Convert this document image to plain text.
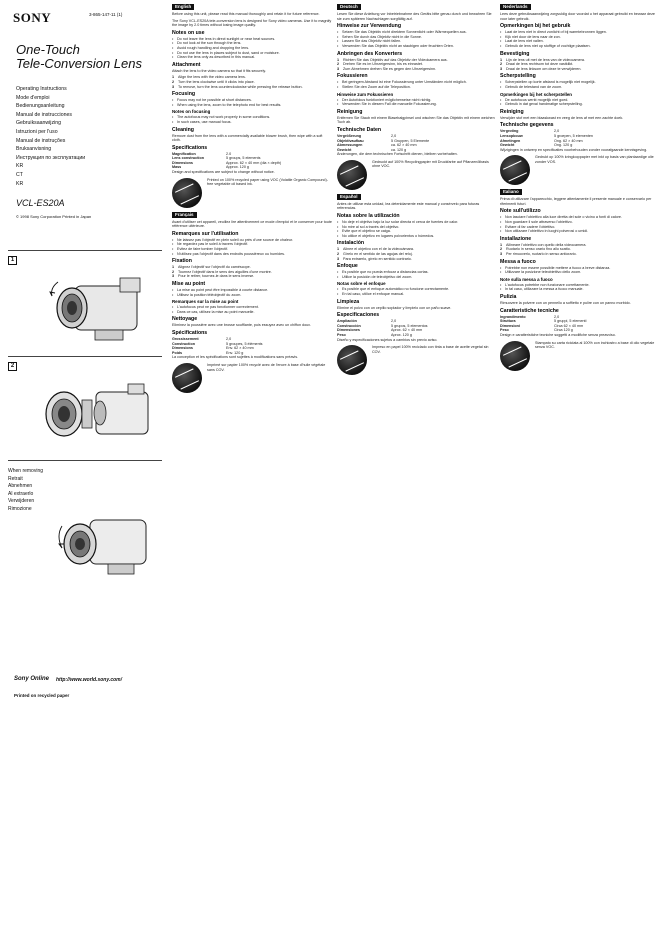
SONY	3-865-147-11 (1)
One-Touch
Tele-Conversion Lens
Operating Instructions
Mode d'emploi
Bedienungsanleitung
Manual de instrucciones
Gebruiksaanwijzing
Istruzioni per l'uso
Manual de instruções
Bruksanvisning
Инструкция по эксплуатации
KR
CT
KR
VCL-ES20A
© 1998 Sony Corporation Printed in Japan
1
2
When removing
Retrait
Abnehmen
Al extraerlo
Verwijderen
Rimozione
Sony Online http://www.world.sony.com/
Printed on recycled paper
English
Before using this unit, please read this manual thoroughly and retain it for future reference.
The Sony VCL-ES20A tele-conversion lens is designed for Sony video cameras. Use it to magnify the image by 2.0 times without losing image quality.
Notes on use
• Do not leave the lens in direct sunlight or near heat sources.
• Do not look at the sun through the lens.
• Avoid rough handling and dropping the lens.
• Do not use the lens in places subject to dust, sand or moisture.
• Clean the lens only as described in this manual.
Attachment
Attach the lens to the video camera so that it fits securely.
1 Align the lens with the video camera lens.
2 Turn the lens clockwise until it clicks into place.
3 To remove, turn the lens counterclockwise while pressing the release button.
Focusing
• Focus may not be possible at short distances.
• When using the lens, zoom to the telephoto end for best results.
Notes on focusing
• The autofocus may not work properly in some conditions.
• In such cases, use manual focus.
Cleaning
Remove dust from the lens with a commercially available blower brush, then wipe with a soft cloth.
Specifications
Magnification	2.0
Lens construction	5 groups, 5 elements
Dimensions	Approx. 62 × 40 mm (dia × depth)
Mass	Approx. 120 g
Design and specifications are subject to change without notice.
Printed on 100% recycled paper using VOC (Volatile Organic Compound)-free vegetable oil based ink.
Français
Avant d'utiliser cet appareil, veuillez lire attentivement ce mode d'emploi et le conserver pour toute référence ultérieure.
Remarques sur l'utilisation
• Ne laissez pas l'objectif en plein soleil ou près d'une source de chaleur.
• Ne regardez pas le soleil à travers l'objectif.
• Evitez de faire tomber l'objectif.
• N'utilisez pas l'objectif dans des endroits poussiéreux ou humides.
Fixation
1 Alignez l'objectif sur l'objectif du caméscope.
2 Tournez l'objectif dans le sens des aiguilles d'une montre.
3 Pour le retirer, tournez-le dans le sens inverse.
Mise au point
• La mise au point peut être impossible à courte distance.
• Utilisez la position téléobjectif du zoom.
Remarques sur la mise au point
• L'autofocus peut ne pas fonctionner correctement.
• Dans ce cas, utilisez la mise au point manuelle.
Nettoyage
Eliminez la poussière avec une brosse soufflante, puis essuyez avec un chiffon doux.
Spécifications
Grossissement	2,0
Construction	5 groupes, 5 éléments
Dimensions	Env. 62 × 40 mm
Poids	Env. 120 g
La conception et les spécifications sont sujettes à modifications sans préavis.
Imprimé sur papier 100% recyclé avec de l'encre à base d'huile végétale sans COV.
Deutsch
Lesen Sie diese Anleitung vor Inbetriebnahme des Geräts bitte genau durch und bewahren Sie sie zum späteren Nachschlagen sorgfältig auf.
Hinweise zur Verwendung
• Setzen Sie das Objektiv nicht direktem Sonnenlicht oder Wärmequellen aus.
• Sehen Sie durch das Objektiv nicht in die Sonne.
• Lassen Sie das Objektiv nicht fallen.
• Verwenden Sie das Objektiv nicht an staubigen oder feuchten Orten.
Anbringen des Konverters
1 Richten Sie das Objektiv auf das Objektiv der Videokamera aus.
2 Drehen Sie es im Uhrzeigersinn, bis es einrastet.
3 Zum Abnehmen drehen Sie es gegen den Uhrzeigersinn.
Fokussieren
• Bei geringem Abstand ist eine Fokussierung unter Umständen nicht möglich.
• Stellen Sie den Zoom auf die Teleposition.
Hinweise zum Fokussieren
• Der Autofokus funktioniert möglicherweise nicht richtig.
• Verwenden Sie in diesem Fall die manuelle Fokussierung.
Reinigung
Entfernen Sie Staub mit einem Blasebalgpinsel und wischen Sie das Objektiv mit einem weichen Tuch ab.
Technische Daten
Vergrößerung	2,0
Objektivaufbau	5 Gruppen, 5 Elemente
Abmessungen	ca. 62 × 40 mm
Gewicht	ca. 120 g
Änderungen, die dem technischen Fortschritt dienen, bleiben vorbehalten.
Gedruckt auf 100% Recyclingpapier mit Druckfarbe auf Pflanzenölbasis ohne VOC.
Español
Antes de utilizar esta unidad, lea detenidamente este manual y consérvelo para futuras referencias.
Notas sobre la utilización
• No deje el objetivo bajo la luz solar directa ni cerca de fuentes de calor.
• No mire al sol a través del objetivo.
• Evite que el objetivo se caiga.
• No utilice el objetivo en lugares polvorientos o húmedos.
Instalación
1 Alinee el objetivo con el de la videocámara.
2 Gírelo en el sentido de las agujas del reloj.
3 Para extraerlo, gírelo en sentido contrario.
Enfoque
• Es posible que no pueda enfocar a distancias cortas.
• Utilice la posición de teleobjetivo del zoom.
Notas sobre el enfoque
• Es posible que el enfoque automático no funcione correctamente.
• En tal caso, utilice el enfoque manual.
Limpieza
Elimine el polvo con un cepillo soplador y límpielo con un paño suave.
Especificaciones
Ampliación	2,0
Construcción	5 grupos, 5 elementos
Dimensiones	Aprox. 62 × 40 mm
Peso	Aprox. 120 g
Diseño y especificaciones sujetos a cambios sin previo aviso.
Impreso en papel 100% reciclado con tinta a base de aceite vegetal sin COV.
Nederlands
Lees deze gebruiksaanwijzing zorgvuldig door voordat u het apparaat gebruikt en bewaar deze voor later gebruik.
Opmerkingen bij het gebruik
• Laat de lens niet in direct zonlicht of bij warmtebronnen liggen.
• Kijk niet door de lens naar de zon.
• Laat de lens niet vallen.
• Gebruik de lens niet op stoffige of vochtige plaatsen.
Bevestiging
1 Lijn de lens uit met de lens van de videocamera.
2 Draai de lens rechtsom tot deze vastklikt.
3 Draai de lens linksom om deze te verwijderen.
Scherpstelling
• Scherpstellen op korte afstand is mogelijk niet mogelijk.
• Gebruik de telestand van de zoom.
Opmerkingen bij het scherpstellen
• De autofocus werkt mogelijk niet goed.
• Gebruik in dat geval handmatige scherpstelling.
Reiniging
Verwijder stof met een blaaskwast en veeg de lens af met een zachte doek.
Technische gegevens
Vergroting	2,0
Lensopbouw	5 groepen, 5 elementen
Afmetingen	Ong. 62 × 40 mm
Gewicht	Ong. 120 g
Wijzigingen in ontwerp en specificaties voorbehouden zonder voorafgaande kennisgeving.
Gedrukt op 100% kringlooppapier met inkt op basis van plantaardige olie zonder VOS.
Italiano
Prima di utilizzare l'apparecchio, leggere attentamente il presente manuale e conservarlo per riferimenti futuri.
Note sull'utilizzo
• Non lasciare l'obiettivo alla luce diretta del sole o vicino a fonti di calore.
• Non guardare il sole attraverso l'obiettivo.
• Evitare di far cadere l'obiettivo.
• Non utilizzare l'obiettivo in luoghi polverosi o umidi.
Installazione
1 Allineare l'obiettivo con quello della videocamera.
2 Ruotarlo in senso orario fino allo scatto.
3 Per rimuoverlo, ruotarlo in senso antiorario.
Messa a fuoco
• Potrebbe non essere possibile mettere a fuoco a breve distanza.
• Utilizzare la posizione teleobiettivo dello zoom.
Note sulla messa a fuoco
• L'autofocus potrebbe non funzionare correttamente.
• In tal caso, utilizzare la messa a fuoco manuale.
Pulizia
Rimuovere la polvere con un pennello a soffietto e pulire con un panno morbido.
Caratteristiche tecniche
Ingrandimento	2,0
Struttura	5 gruppi, 5 elementi
Dimensioni	Circa 62 × 40 mm
Peso	Circa 120 g
Design e caratteristiche tecniche soggetti a modifiche senza preavviso.
Stampato su carta riciclata al 100% con inchiostro a base di olio vegetale senza VOC.
